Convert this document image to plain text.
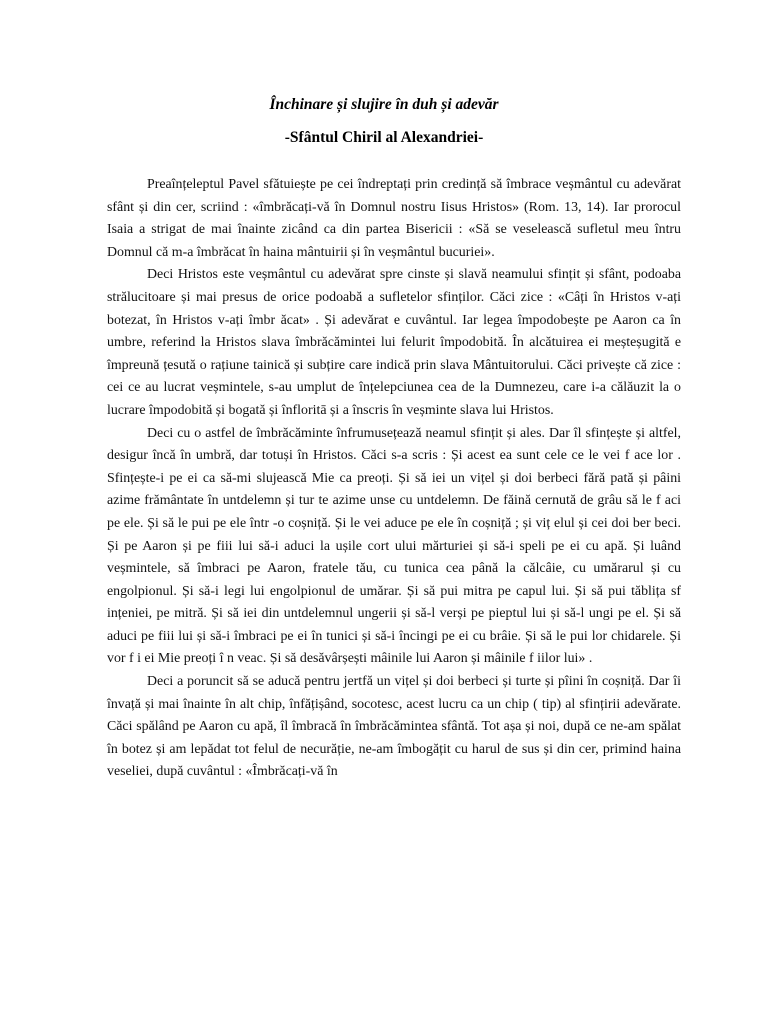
Închinare și slujire în duh și adevăr
-Sfântul Chiril al Alexandriei-

Preaînțeleptul Pavel sfătuiește pe cei îndreptați prin credință să îmbrace veșmântul cu adevărat sfânt și din cer, scriind : «îmbrăcați-vă în Domnul nostru Iisus Hristos» (Rom. 13, 14). Iar prorocul Isaia a strigat de mai înainte zicând ca din partea Bisericii : «Să se veselească sufletul meu întru Domnul că m-a îmbrăcat în haina mântuirii și în veșmântul bucuriei».

Deci Hristos este veșmântul cu adevărat spre cinste și slavă neamului sfințit și sfânt, podoaba strălucitoare și mai presus de orice podoabă a sufletelor sfinților. Căci zice : «Câți în Hristos v-ați botezat, în Hristos v-ați îmbr ăcat» . Și adevărat e cuvântul. Iar legea împodobește pe Aaron ca în umbre, referind la Hristos slava îmbrăcămintei lui felurit împodobită. În alcătuirea ei meșteșugită e împreună țesută o rațiune tainică și subțire care indică prin slava Mântuitorului. Căci privește că zice : cei ce au lucrat veșmintele, s-au umplut de înțelepciunea cea de la Dumnezeu, care i-a călăuzit la o lucrare împodobită și bogată și înfloritā și a înscris în veșminte slava lui Hristos.

Deci cu o astfel de îmbrăcăminte înfrumusețează neamul sfințit și ales. Dar îl sfințește și altfel, desigur încă în umbră, dar totuși în Hristos. Căci s-a scris : Și acest ea sunt cele ce le vei f ace lor . Sfințește-i pe ei ca să-mi slujească Mie ca preoți. Și să iei un vițel și doi berbeci fără pată și pâini azime frământate în untdelemn și tur te azime unse cu untdelemn. De făină cernută de grâu să le f aci pe ele. Și să le pui pe ele într -o coșniță. Și le vei aduce pe ele în coșniță ; și viț elul și cei doi ber beci. Și pe Aaron și pe fiii lui să-i aduci la ușile cort ului mărturiei și să-i speli pe ei cu apă. Și luând veșmintele, să îmbraci pe Aaron, fratele tău, cu tunica cea până la călcâie, cu umărarul și cu engolpionul. Și să-i legi lui engolpionul de umărar. Și să pui mitra pe capul lui. Și să pui tăblița sf ințeniei, pe mitră. Și să iei din untdelemnul ungerii și să-l verși pe pieptul lui și să-l ungi pe el. Și să aduci pe fiii lui și să-i îmbraci pe ei în tunici și să-i încingi pe ei cu brâie. Și să le pui lor chidarele. Și vor f i ei Mie preoți î n veac. Și să desăvârșești mâinile lui Aaron și mâinile f iilor lui» .

Deci a poruncit să se aducă pentru jertfă un vițel și doi berbeci și turte și pîini în coșniță. Dar îi învață și mai înainte în alt chip, înfățișând, socotesc, acest lucru ca un chip ( tip) al sfințirii adevărate. Căci spălând pe Aaron cu apă, îl îmbracă în îmbrăcămintea sfântă. Tot așa și noi, după ce ne-am spălat în botez și am lepădat tot felul de necurăție, ne-am îmbogățit cu harul de sus și din cer, primind haina veseliei, după cuvântul : «Îmbrăcați-vă în
